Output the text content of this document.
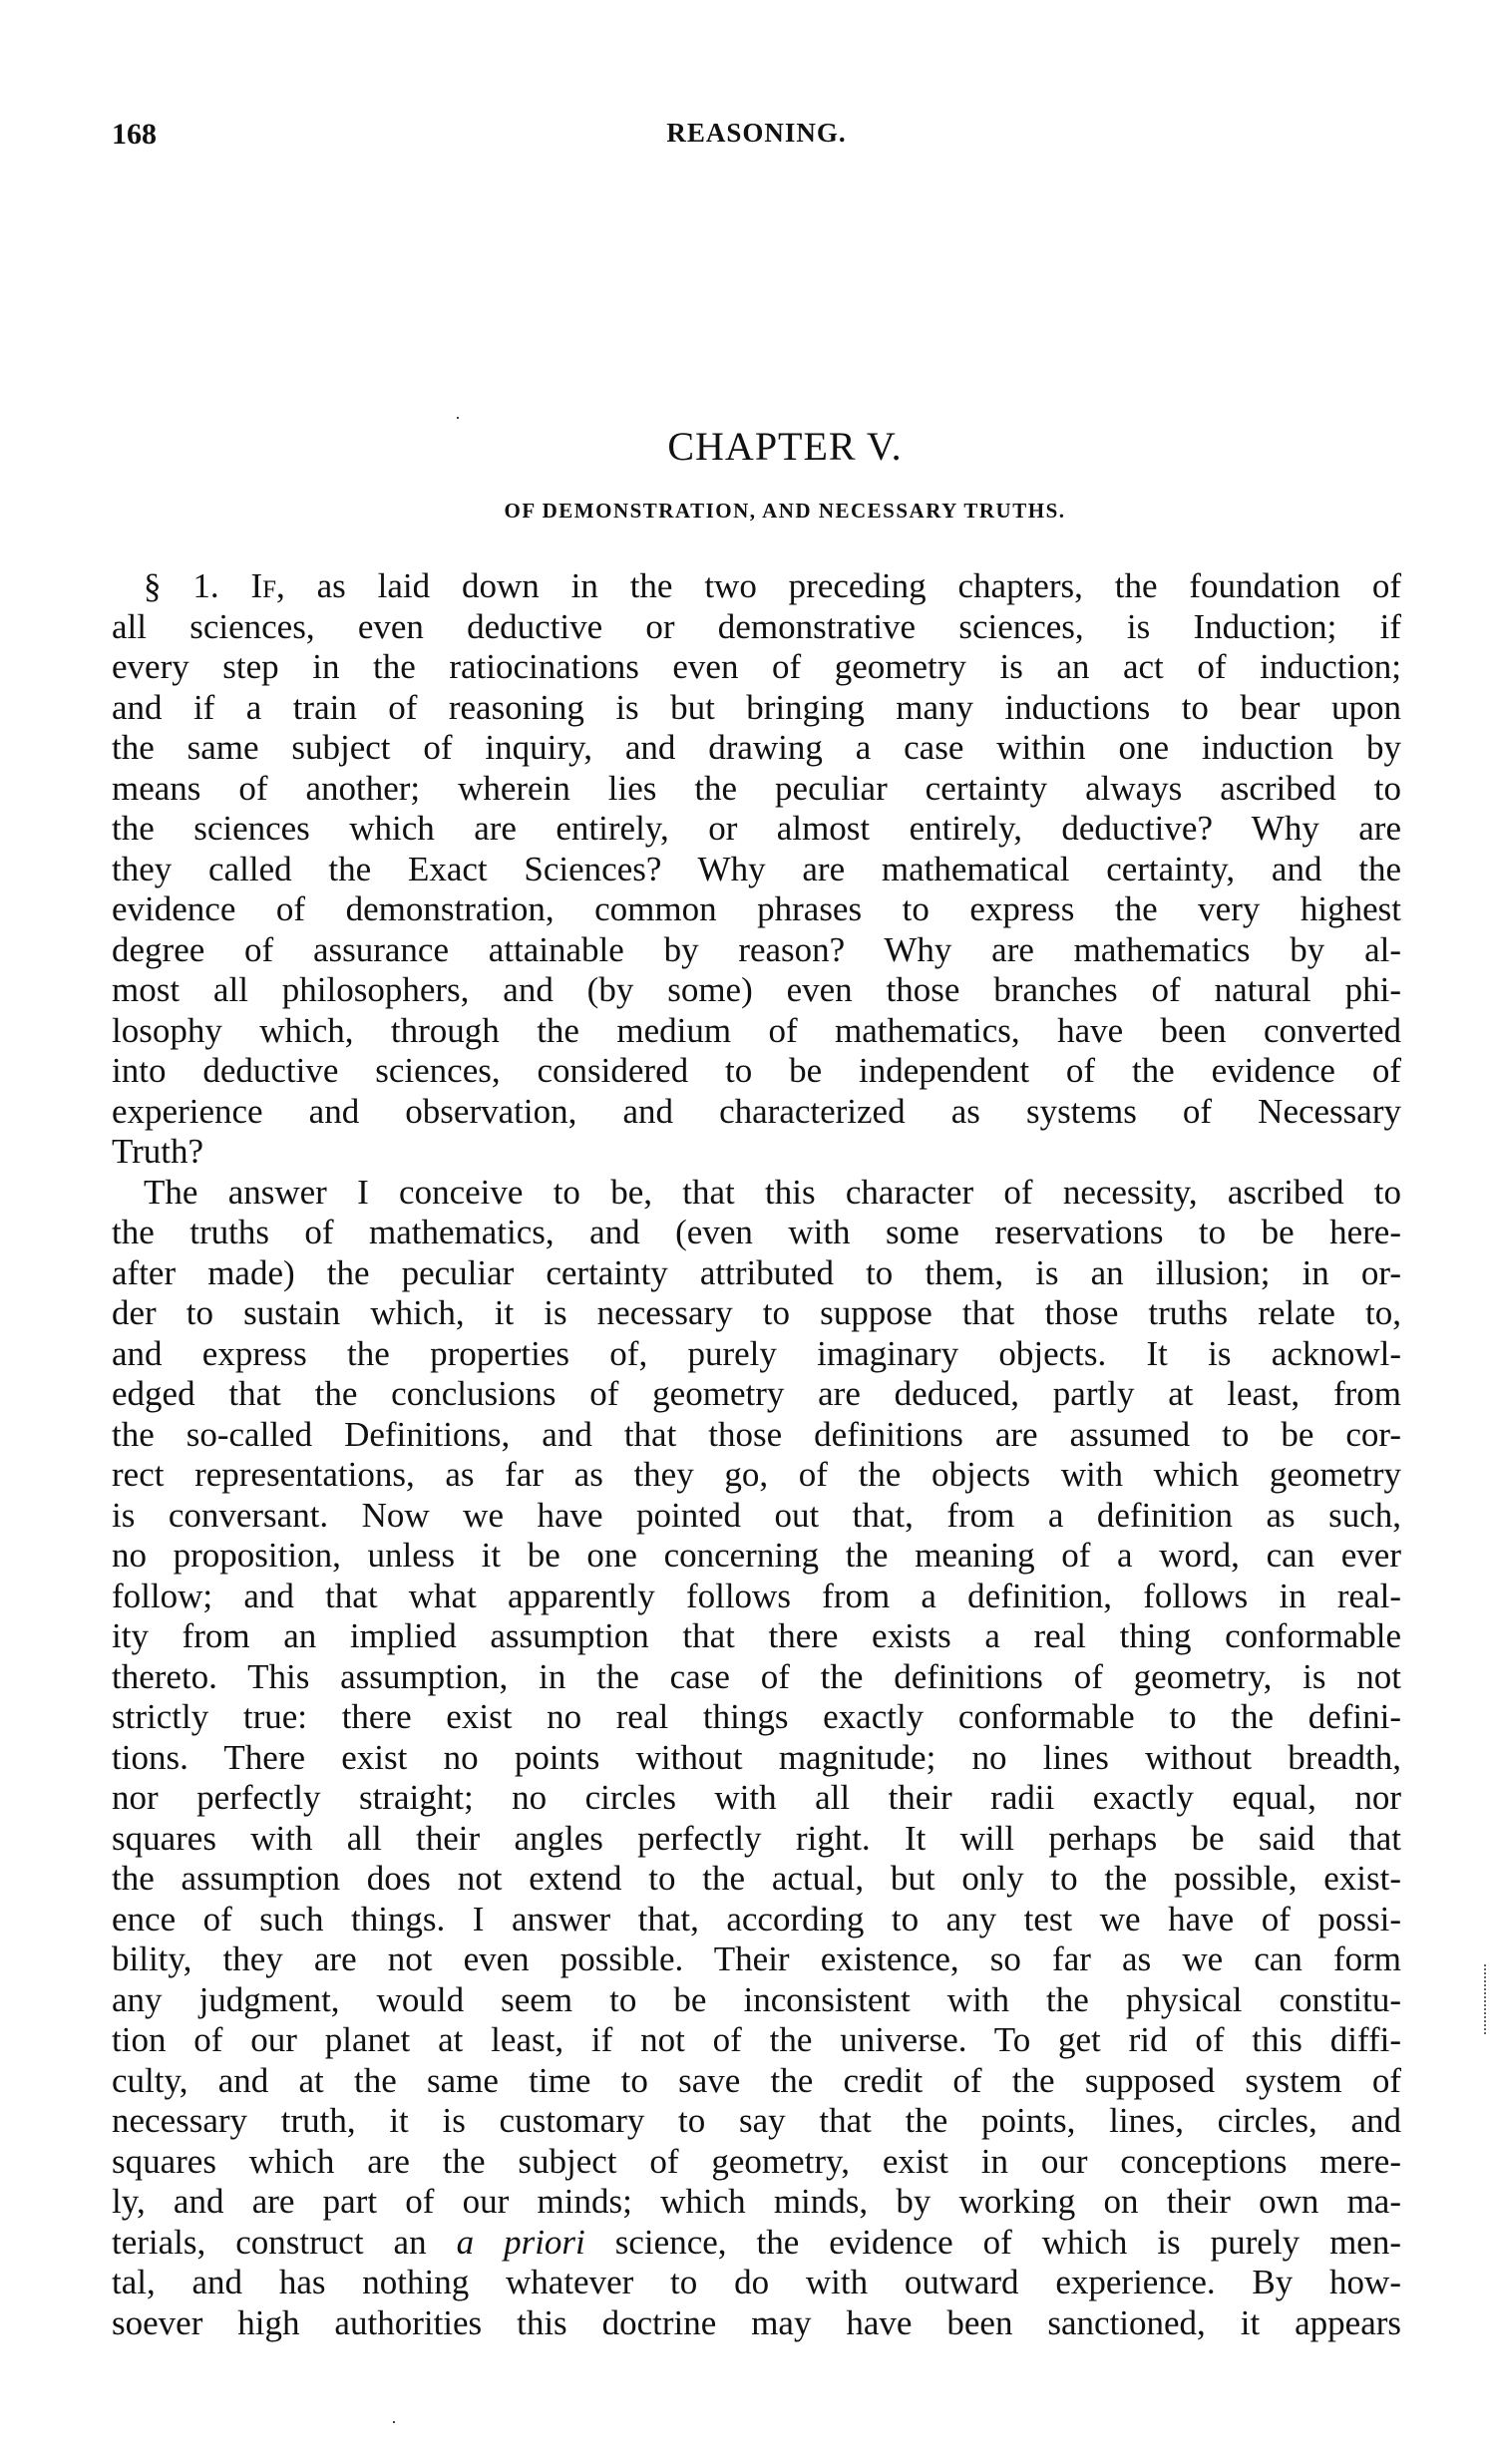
168	REASONING.
CHAPTER V.
OF DEMONSTRATION, AND NECESSARY TRUTHS.
§ 1. If, as laid down in the two preceding chapters, the foundation of
all sciences, even deductive or demonstrative sciences, is Induction; if
every step in the ratiocinations even of geometry is an act of induction;
and if a train of reasoning is but bringing many inductions to bear upon
the same subject of inquiry, and drawing a case within one induction by
means of another; wherein lies the peculiar certainty always ascribed to
the sciences which are entirely, or almost entirely, deductive? Why are
they called the Exact Sciences? Why are mathematical certainty, and the
evidence of demonstration, common phrases to express the very highest
degree of assurance attainable by reason? Why are mathematics by al-
most all philosophers, and (by some) even those branches of natural phi-
losophy which, through the medium of mathematics, have been converted
into deductive sciences, considered to be independent of the evidence of
experience and observation, and characterized as systems of Necessary
Truth?
The answer I conceive to be, that this character of necessity, ascribed to
the truths of mathematics, and (even with some reservations to be here-
after made) the peculiar certainty attributed to them, is an illusion; in or-
der to sustain which, it is necessary to suppose that those truths relate to,
and express the properties of, purely imaginary objects. It is acknowl-
edged that the conclusions of geometry are deduced, partly at least, from
the so-called Definitions, and that those definitions are assumed to be cor-
rect representations, as far as they go, of the objects with which geometry
is conversant. Now we have pointed out that, from a definition as such,
no proposition, unless it be one concerning the meaning of a word, can ever
follow; and that what apparently follows from a definition, follows in real-
ity from an implied assumption that there exists a real thing conformable
thereto. This assumption, in the case of the definitions of geometry, is not
strictly true: there exist no real things exactly conformable to the defini-
tions. There exist no points without magnitude; no lines without breadth,
nor perfectly straight; no circles with all their radii exactly equal, nor
squares with all their angles perfectly right. It will perhaps be said that
the assumption does not extend to the actual, but only to the possible, exist-
ence of such things. I answer that, according to any test we have of possi-
bility, they are not even possible. Their existence, so far as we can form
any judgment, would seem to be inconsistent with the physical constitu-
tion of our planet at least, if not of the universe. To get rid of this diffi-
culty, and at the same time to save the credit of the supposed system of
necessary truth, it is customary to say that the points, lines, circles, and
squares which are the subject of geometry, exist in our conceptions mere-
ly, and are part of our minds; which minds, by working on their own ma-
terials, construct an a priori science, the evidence of which is purely men-
tal, and has nothing whatever to do with outward experience. By how-
soever high authorities this doctrine may have been sanctioned, it appears
